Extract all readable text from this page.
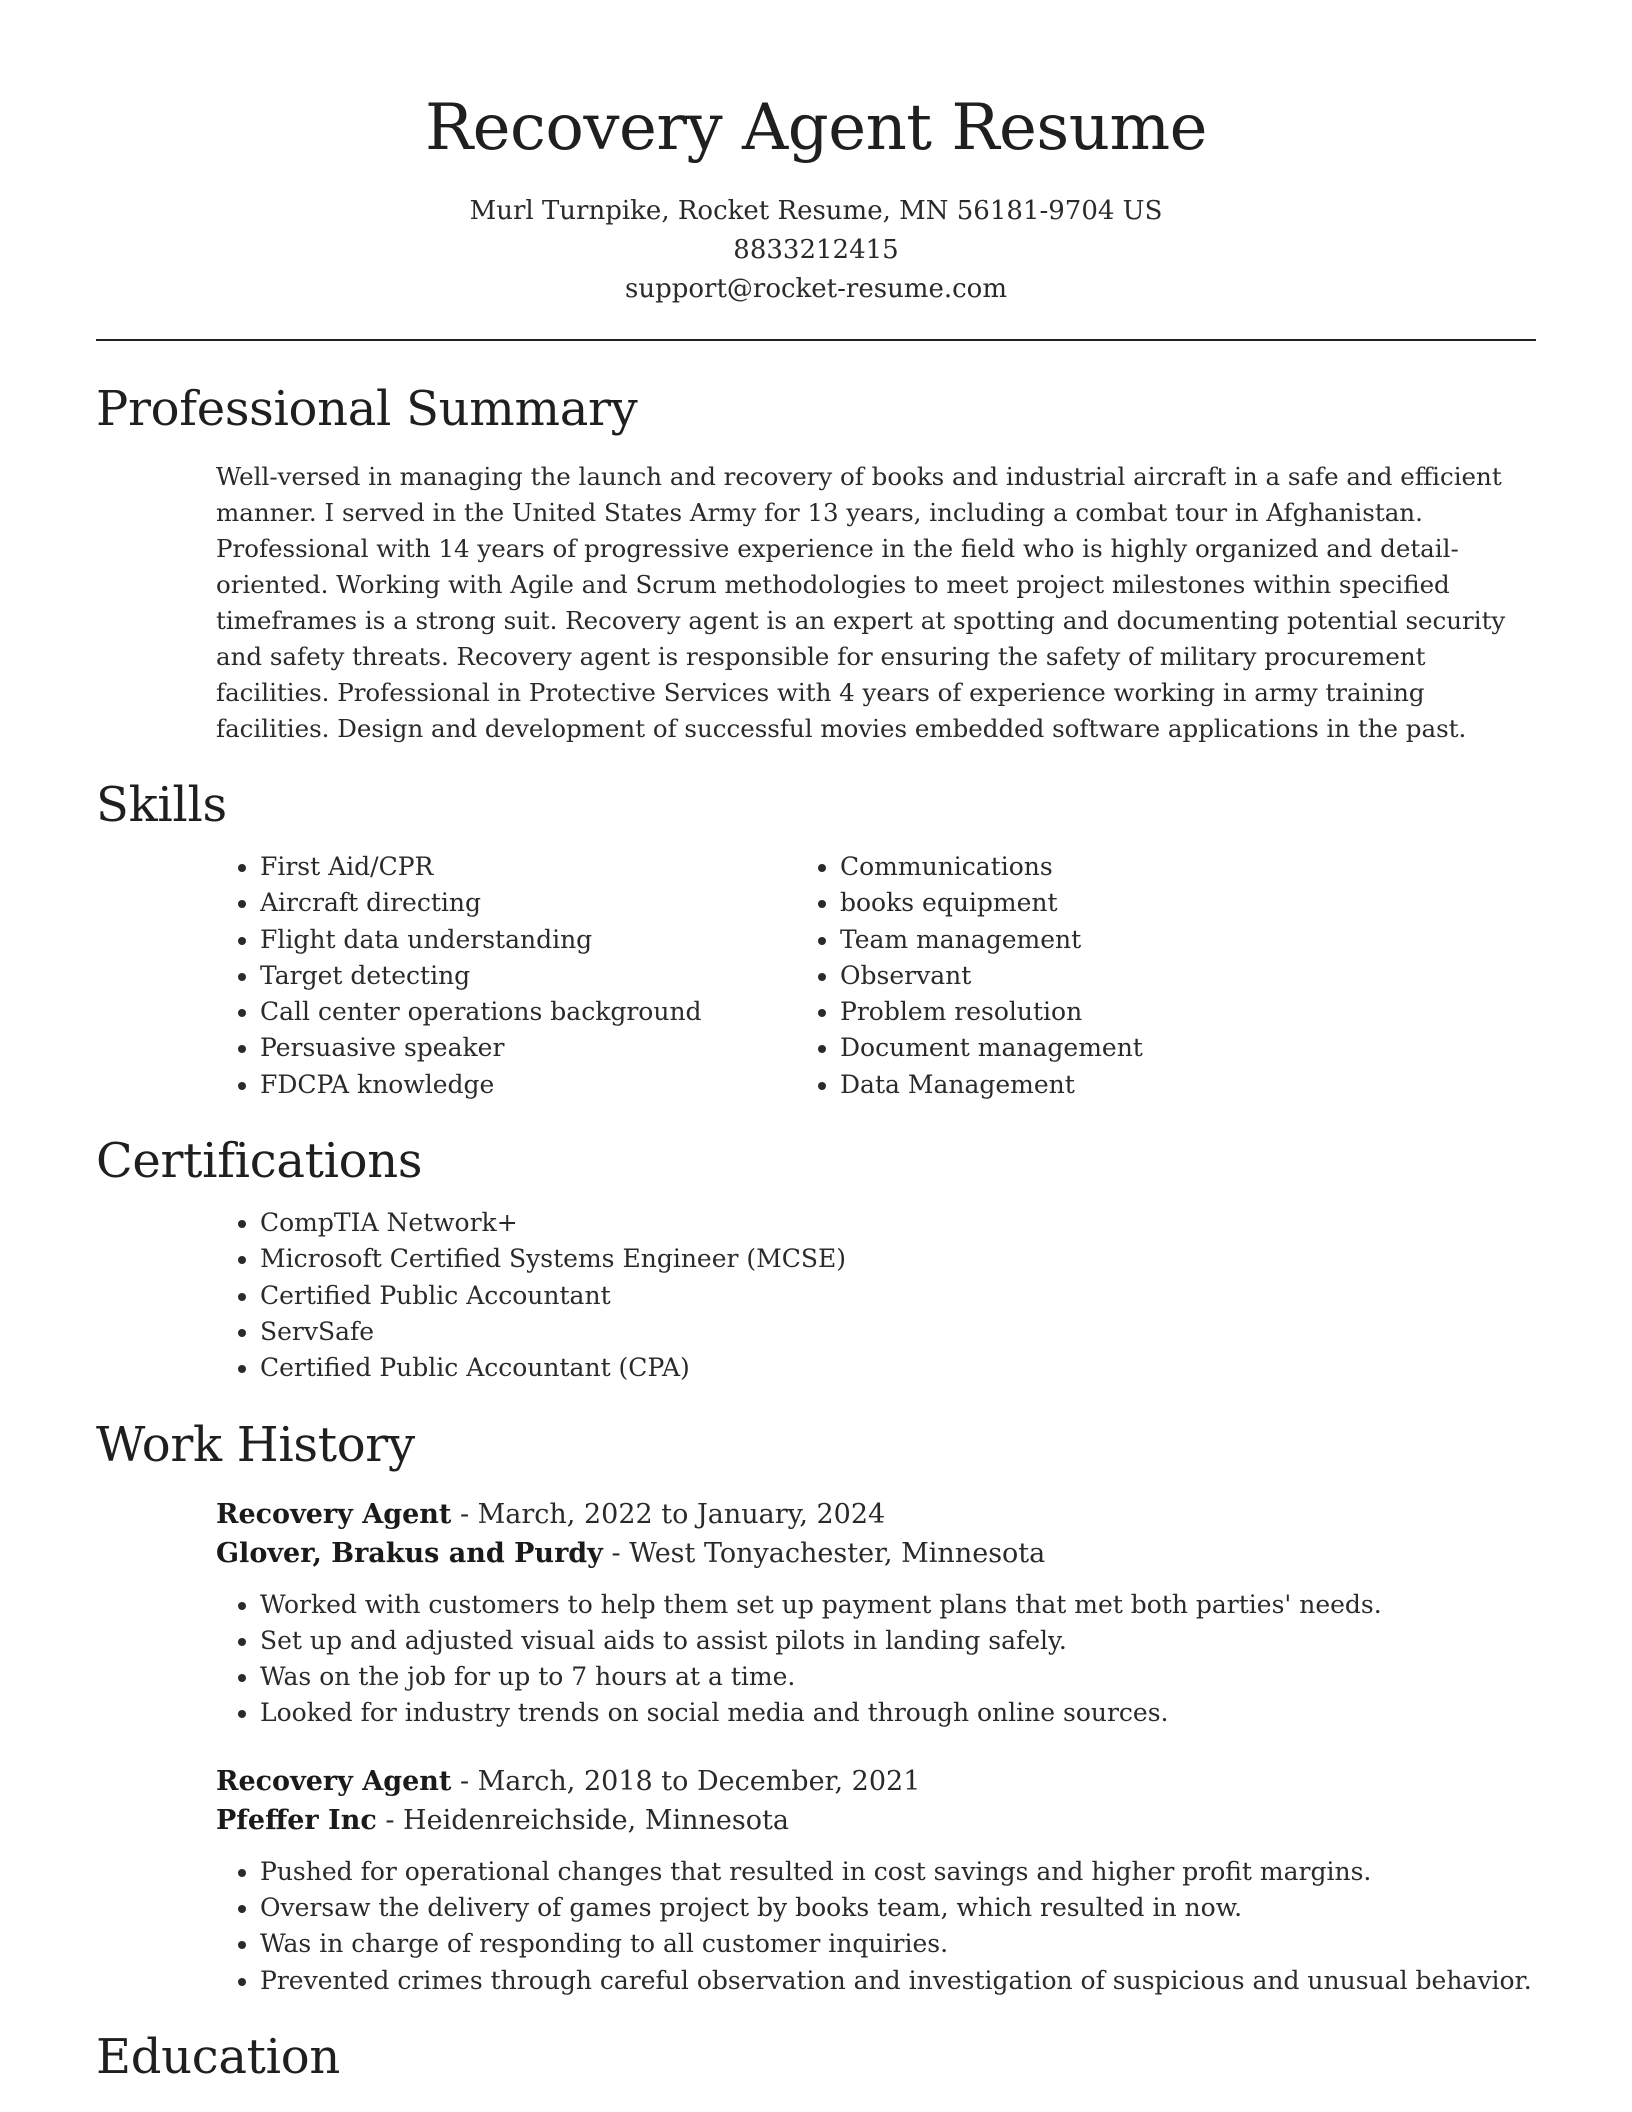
Recovery Agent Resume
Murl Turnpike, Rocket Resume, MN 56181-9704 US
8833212415
support@rocket-resume.com
Professional Summary

Well-versed in managing the launch and recovery of books and industrial aircraft in a safe and efficient manner. I served in the United States Army for 13 years, including a combat tour in Afghanistan. Professional with 14 years of progressive experience in the field who is highly organized and detail-oriented. Working with Agile and Scrum methodologies to meet project milestones within specified timeframes is a strong suit. Recovery agent is an expert at spotting and documenting potential security and safety threats. Recovery agent is responsible for ensuring the safety of military procurement facilities. Professional in Protective Services with 4 years of experience working in army training facilities. Design and development of successful movies embedded software applications in the past.

Skills
• First Aid/CPR
• Aircraft directing
• Flight data understanding
• Target detecting
• Call center operations background
• Persuasive speaker
• FDCPA knowledge
• Communications
• books equipment
• Team management
• Observant
• Problem resolution
• Document management
• Data Management
Certifications
• CompTIA Network+
• Microsoft Certified Systems Engineer (MCSE)
• Certified Public Accountant
• ServSafe
• Certified Public Accountant (CPA)
Work History
Recovery Agent - March, 2022 to January, 2024
Glover, Brakus and Purdy - West Tonyachester, Minnesota
• Worked with customers to help them set up payment plans that met both parties' needs.
• Set up and adjusted visual aids to assist pilots in landing safely.
• Was on the job for up to 7 hours at a time.
• Looked for industry trends on social media and through online sources.
Recovery Agent - March, 2018 to December, 2021
Pfeffer Inc - Heidenreichside, Minnesota
• Pushed for operational changes that resulted in cost savings and higher profit margins.
• Oversaw the delivery of games project by books team, which resulted in now.
• Was in charge of responding to all customer inquiries.
• Prevented crimes through careful observation and investigation of suspicious and unusual behavior.
Education
